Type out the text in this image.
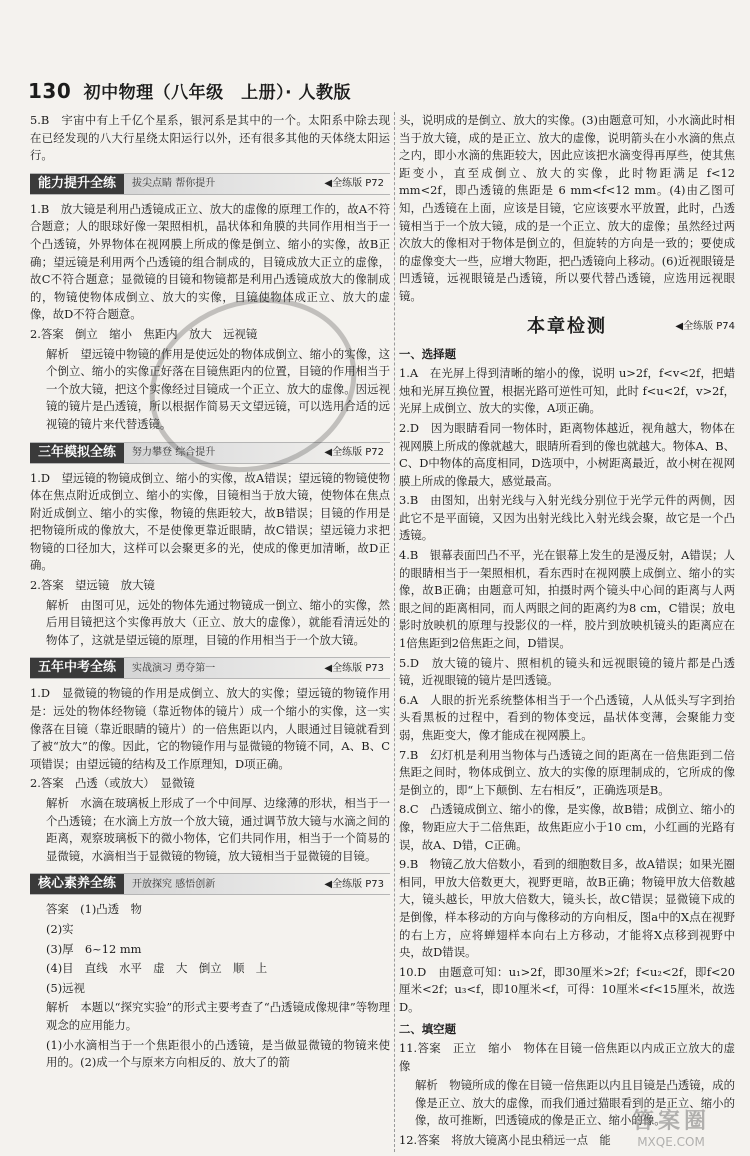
130 初中物理（八年级　上册）· 人教版

5.B　宇宙中有上千亿个星系，银河系是其中的一个。太阳系中除去现在已经发现的八大行星绕太阳运行以外，还有很多其他的天体绕太阳运行。

能力提升全练	拔尖点睛 帮你提升	◀全练版 P72

1.B　放大镜是利用凸透镜成正立、放大的虚像的原理工作的，故A不符合题意；人的眼球好像一架照相机，晶状体和角膜的共同作用相当于一个凸透镜，外界物体在视网膜上所成的像是倒立、缩小的实像，故B正确；望远镜是利用两个凸透镜的组合制成的，目镜成放大正立的虚像，故C不符合题意；显微镜的目镜和物镜都是利用凸透镜成放大的像制成的，物镜使物体成倒立、放大的实像，目镜使物体成正立、放大的虚像，故D不符合题意。

2.答案　倒立　缩小　焦距内　放大　远视镜

解析　望远镜中物镜的作用是使远处的物体成倒立、缩小的实像，这个倒立、缩小的实像正好落在目镜焦距内的位置，目镜的作用相当于一个放大镜，把这个实像经过目镜成一个正立、放大的虚像。因远视镜的镜片是凸透镜，所以根据作简易天文望远镜，可以选用合适的远视镜的镜片来代替透镜。

三年模拟全练	努力攀登 综合提升	◀全练版 P72

1.D　望远镜的物镜成倒立、缩小的实像，故A错误；望远镜的物镜使物体在焦点附近成倒立、缩小的实像，目镜相当于放大镜，使物体在焦点附近成倒立、缩小的实像，物镜的焦距较大，故B错误；目镜的作用是把物镜所成的像放大，不是使像更靠近眼睛，故C错误；望远镜力求把物镜的口径加大，这样可以会聚更多的光，使成的像更加清晰，故D正确。

2.答案　望远镜　放大镜

解析　由图可见，远处的物体先通过物镜成一倒立、缩小的实像，然后用目镜把这个实像再放大（正立、放大的虚像），就能看清远处的物体了，这就是望远镜的原理，目镜的作用相当于一个放大镜。

五年中考全练	实战演习 勇夺第一	◀全练版 P73

1.D　显微镜的物镜的作用是成倒立、放大的实像；望远镜的物镜作用是：远处的物体经物镜（靠近物体的镜片）成一个缩小的实像，这一实像落在目镜（靠近眼睛的镜片）的一倍焦距以内，人眼通过目镜就看到了被“放大”的像。因此，它的物镜作用与显微镜的物镜不同，A、B、C项错误；由望远镜的结构及工作原理知，D项正确。

2.答案　凸透（或放大）　显微镜

解析　水滴在玻璃板上形成了一个中间厚、边缘薄的形状，相当于一个凸透镜；在水滴上方放一个放大镜，通过调节放大镜与水滴之间的距离，观察玻璃板下的微小物体，它们共同作用，相当于一个简易的显微镜，水滴相当于显微镜的物镜，放大镜相当于显微镜的目镜。

核心素养全练	开放探究 感悟创新	◀全练版 P73

答案　(1)凸透　物

(2)实

(3)厚　6~12 mm

(4)目　直线　水平　虚　大　倒立　顺　上

(5)远视

解析　本题以“探究实验”的形式主要考查了“凸透镜成像规律”等物理观念的应用能力。

(1)小水滴相当于一个焦距很小的凸透镜，是当做显微镜的物镜来使用的。(2)成一个与原来方向相反的、放大了的箭

头，说明成的是倒立、放大的实像。(3)由题意可知，小水滴此时相当于放大镜，成的是正立、放大的虚像，说明箭头在小水滴的焦点之内，即小水滴的焦距较大，因此应该把水滴变得再厚些，使其焦距变小，直至成倒立、放大的实像，此时物距满足 f<12 mm<2f，即凸透镜的焦距是 6 mm<f<12 mm。(4)由乙图可知，凸透镜在上面，应该是目镜，它应该要水平放置，此时，凸透镜相当于一个放大镜，成的是一个正立、放大的虚像；虽然经过两次放大的像相对于物体是倒立的，但旋转的方向是一致的；要使成的虚像变大一些，应增大物距，把凸透镜向上移动。(6)近视眼镜是凹透镜，远视眼镜是凸透镜，所以要代替凸透镜，应选用远视眼镜。

本章检测	◀全练版 P74
一、选择题

1.A　在光屏上得到清晰的缩小的像，说明 u>2f，f<v<2f，把蜡烛和光屏互换位置，根据光路可逆性可知，此时 f<u<2f，v>2f，光屏上成倒立、放大的实像，A项正确。

2.D　因为眼睛看同一物体时，距离物体越近，视角越大，物体在视网膜上所成的像就越大，眼睛所看到的像也就越大。物体A、B、C、D中物体的高度相同，D选项中，小树距离最近，故小树在视网膜上所成的像最大，感觉最高。

3.B　由图知，出射光线与入射光线分别位于光学元件的两侧，因此它不是平面镜，又因为出射光线比入射光线会聚，故它是一个凸透镜。

4.B　银幕表面凹凸不平，光在银幕上发生的是漫反射，A错误；人的眼睛相当于一架照相机，看东西时在视网膜上成倒立、缩小的实像，故B正确；由题意可知，拍摄时两个镜头中心间的距离与人两眼之间的距离相同，而人两眼之间的距离约为8 cm，C错误；放电影时放映机的原理与投影仪的一样，胶片到放映机镜头的距离应在1倍焦距到2倍焦距之间，D错误。

5.D　放大镜的镜片、照相机的镜头和远视眼镜的镜片都是凸透镜，近视眼镜的镜片是凹透镜。

6.A　人眼的折光系统整体相当于一个凸透镜，人从低头写字到抬头看黑板的过程中，看到的物体变远，晶状体变薄，会聚能力变弱，焦距变大，像才能成在视网膜上。

7.B　幻灯机是利用当物体与凸透镜之间的距离在一倍焦距到二倍焦距之间时，物体成倒立、放大的实像的原理制成的，它所成的像是倒立的，即“上下颠倒、左右相反”，正确选项是B。

8.C　凸透镜成倒立、缩小的像，是实像，故B错；成倒立、缩小的像，物距应大于二倍焦距，故焦距应小于10 cm，小红画的光路有误，故A、D错，C正确。

9.B　物镜乙放大倍数小，看到的细胞数目多，故A错误；如果光圈相同，甲放大倍数更大，视野更暗，故B正确；物镜甲放大倍数越大，镜头越长，甲放大倍数大，镜头长，故C错误；显微镜下成的是倒像，样本移动的方向与像移动的方向相反，图a中的X点在视野的右上方，应将蝉翅样本向右上方移动，才能将X点移到视野中央，故D错误。

10.D　由题意可知：u₁>2f，即30厘米>2f；f<u₂<2f，即f<20厘米<2f；u₃<f，即10厘米<f，可得：10厘米<f<15厘米，故选D。

二、填空题

11.答案　正立　缩小　物体在目镜一倍焦距以内成正立放大的虚像

解析　物镜所成的像在目镜一倍焦距以内且目镜是凸透镜，成的像是正立、放大的虚像，而我们通过猫眼看到的是正立、缩小的像，故可推断，凹透镜成的像是正立、缩小的像。

12.答案　将放大镜离小昆虫稍远一点　能

答案圈
MXQE.COM
